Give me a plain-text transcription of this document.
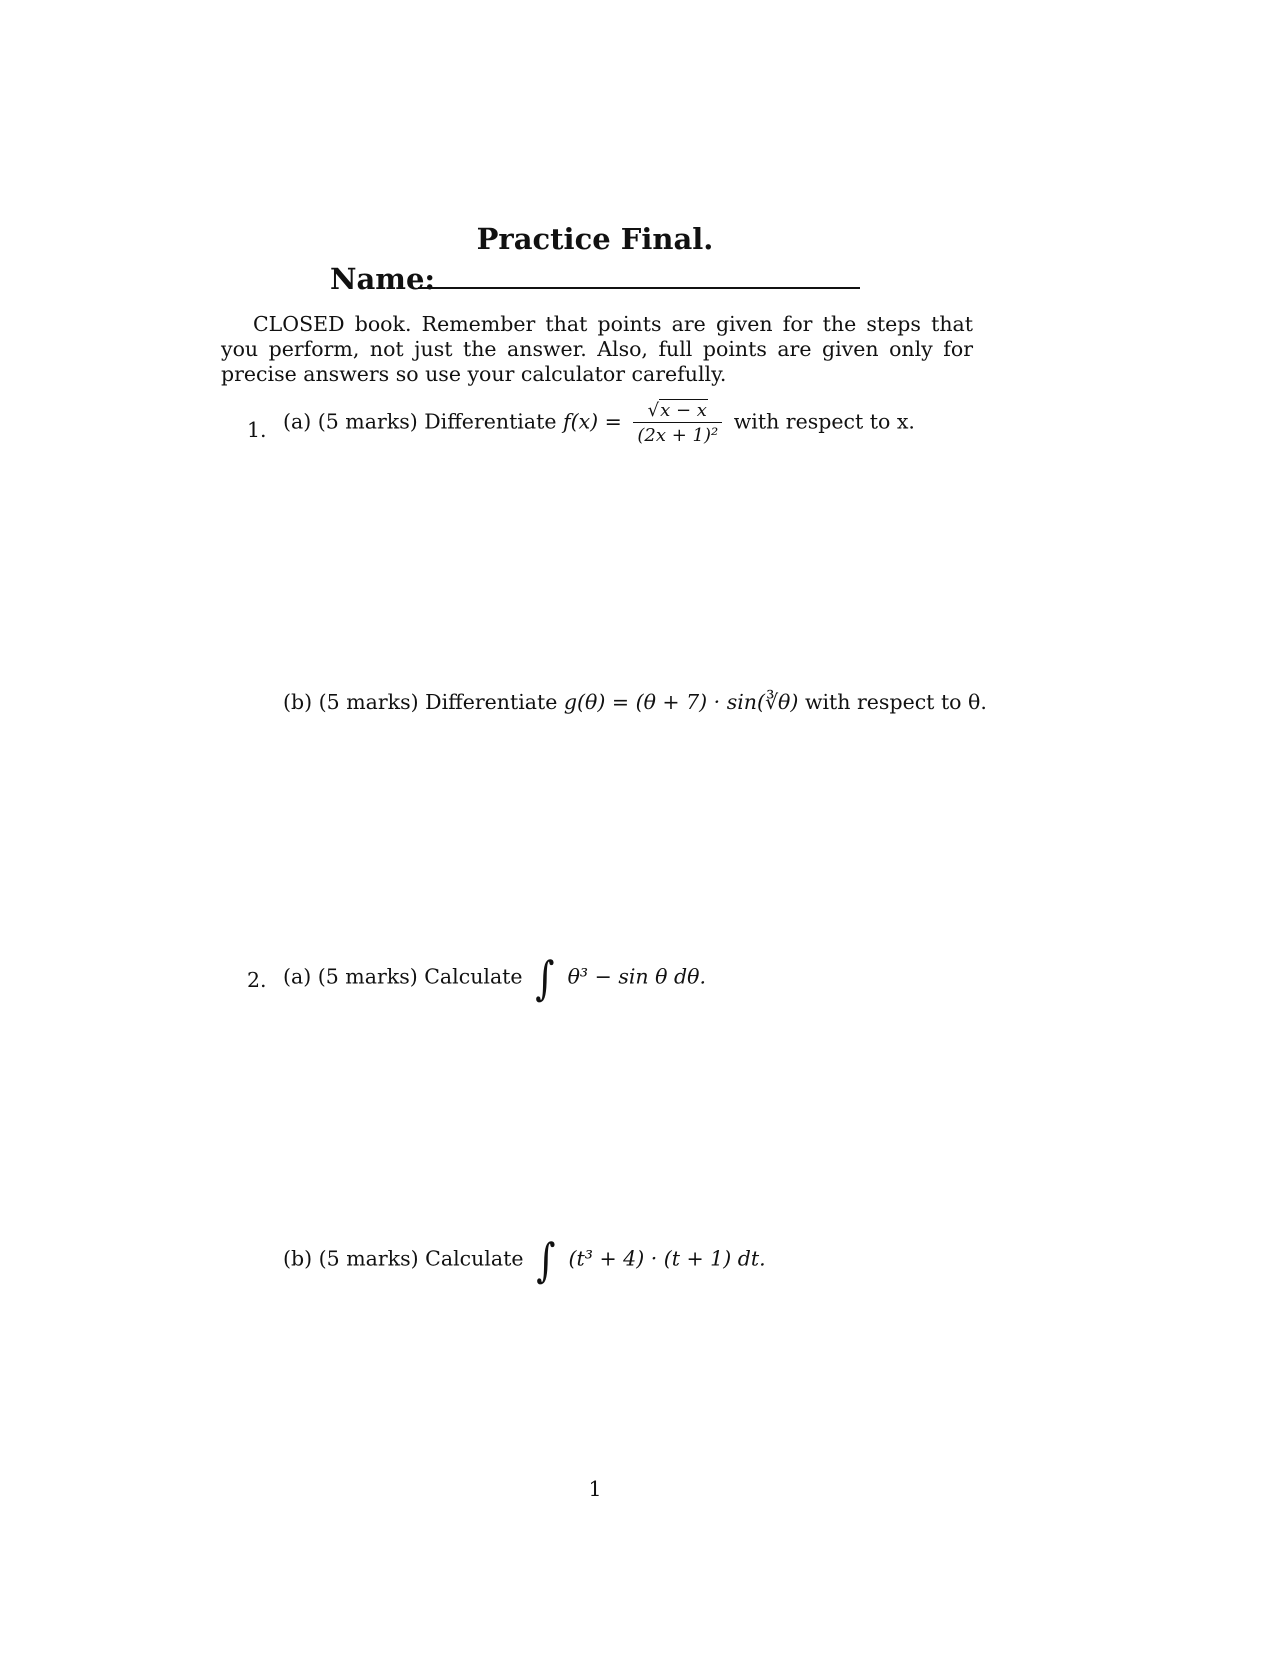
Practice Final.
Name:
CLOSED book. Remember that points are given for the steps that you perform, not just the answer. Also, full points are given only for precise answers so use your calculator carefully.
1. (a) (5 marks) Differentiate $f(x) = \frac{√x - x}{\text{(2x + 1)²}}$ with respect to x.
(b) (5 marks) Differentiate g(θ) = (θ + 7) · sin(∛θ) with respect to θ.
2. (a) (5 marks) Calculate ∫ θ³ − sin θ dθ.
(b) (5 marks) Calculate ∫ (t³ + 4) · (t + 1) dt.
1
